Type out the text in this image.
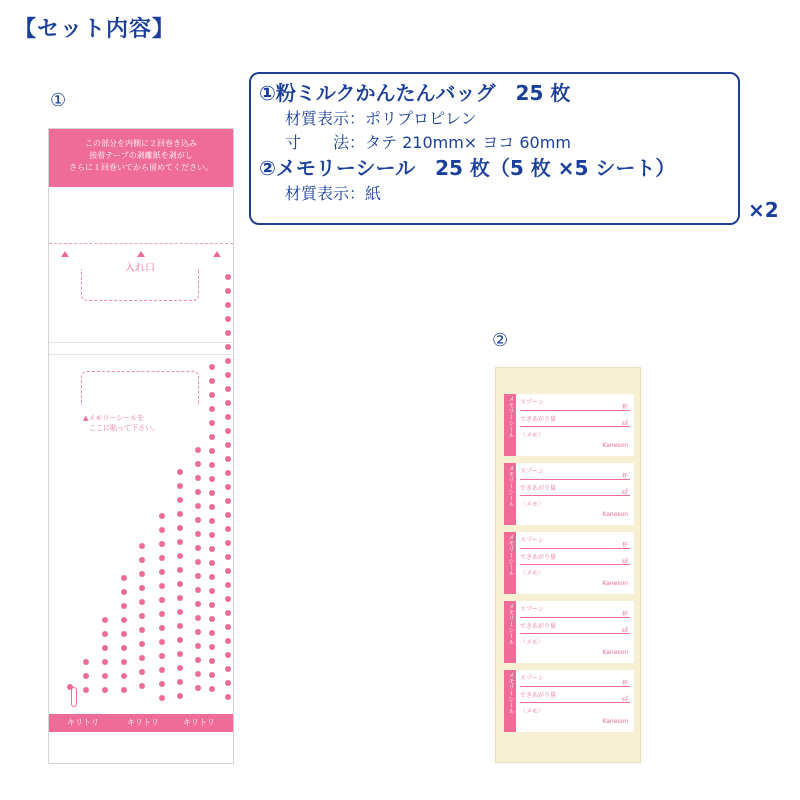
【セット内容】
①
②
①粉ミルクかんたんバッグ　25 枚
材質表示：ポリプロピレン
寸　　法：タテ 210mm× ヨコ 60mm
②メモリーシール　25 枚（5 枚 ×5 シート）
材質表示：紙
×2
この部分を内側に２回巻き込み
接着テープの剥離紙を剥がし
さらに１回巻いてから留めてください。
入れ口
▲メモリーシールを
ここに貼って下さい。
キリトリ	キリトリ	キリトリ
メモリーシール スプーン
杯
できあがり量
㎖
〈メモ〉
Kaneson
メモリーシール スプーン
杯
できあがり量
㎖
〈メモ〉
Kaneson
メモリーシール スプーン
杯
できあがり量
㎖
〈メモ〉
Kaneson
メモリーシール スプーン
杯
できあがり量
㎖
〈メモ〉
Kaneson
メモリーシール スプーン
杯
できあがり量
㎖
〈メモ〉
Kaneson
